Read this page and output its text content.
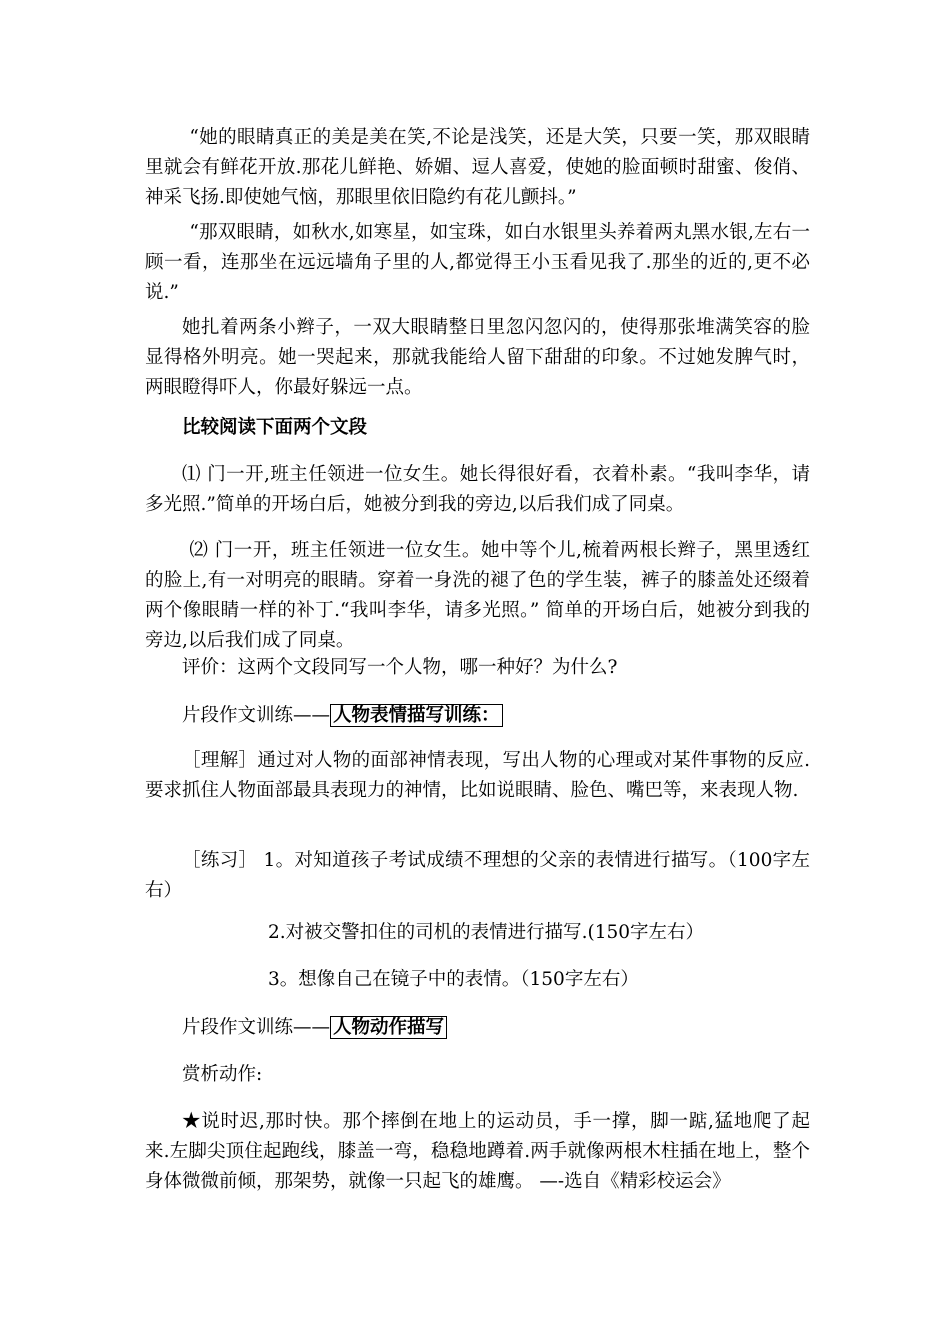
“她的眼睛真正的美是美在笑,不论是浅笑，还是大笑，只要一笑，那双眼睛里就会有鲜花开放.那花儿鲜艳、娇媚、逗人喜爱，使她的脸面顿时甜蜜、俊俏、神采飞扬.即使她气恼，那眼里依旧隐约有花儿颤抖。”

“那双眼睛，如秋水,如寒星，如宝珠，如白水银里头养着两丸黑水银,左右一顾一看，连那坐在远远墙角子里的人,都觉得王小玉看见我了.那坐的近的,更不必说.”

她扎着两条小辫子，一双大眼睛整日里忽闪忽闪的，使得那张堆满笑容的脸显得格外明亮。她一哭起来，那就我能给人留下甜甜的印象。不过她发脾气时，两眼瞪得吓人，你最好躲远一点。

比较阅读下面两个文段

⑴ 门一开,班主任领进一位女生。她长得很好看，衣着朴素。“我叫李华，请多光照.”简单的开场白后，她被分到我的旁边,以后我们成了同桌。

⑵ 门一开，班主任领进一位女生。她中等个儿,梳着两根长辫子，黑里透红的脸上,有一对明亮的眼睛。穿着一身洗的褪了色的学生装，裤子的膝盖处还缀着两个像眼睛一样的补丁.“我叫李华，请多光照。” 简单的开场白后，她被分到我的旁边,以后我们成了同桌。

评价：这两个文段同写一个人物，哪一种好？为什么?

片段作文训练—— 人物表情描写训练：

［理解］通过对人物的面部神情表现，写出人物的心理或对某件事物的反应.要求抓住人物面部最具表现力的神情，比如说眼睛、脸色、嘴巴等，来表现人物.

［练习］ 1。对知道孩子考试成绩不理想的父亲的表情进行描写。（100字左右）

2.对被交警扣住的司机的表情进行描写.(150字左右）

3。想像自己在镜子中的表情。（150字左右）

片段作文训练—— 人物动作描写

赏析动作:

★说时迟,那时快。那个摔倒在地上的运动员，手一撑，脚一踮,猛地爬了起来.左脚尖顶住起跑线，膝盖一弯，稳稳地蹲着.两手就像两根木柱插在地上，整个身体微微前倾，那架势，就像一只起飞的雄鹰。 —-选自《精彩校运会》
